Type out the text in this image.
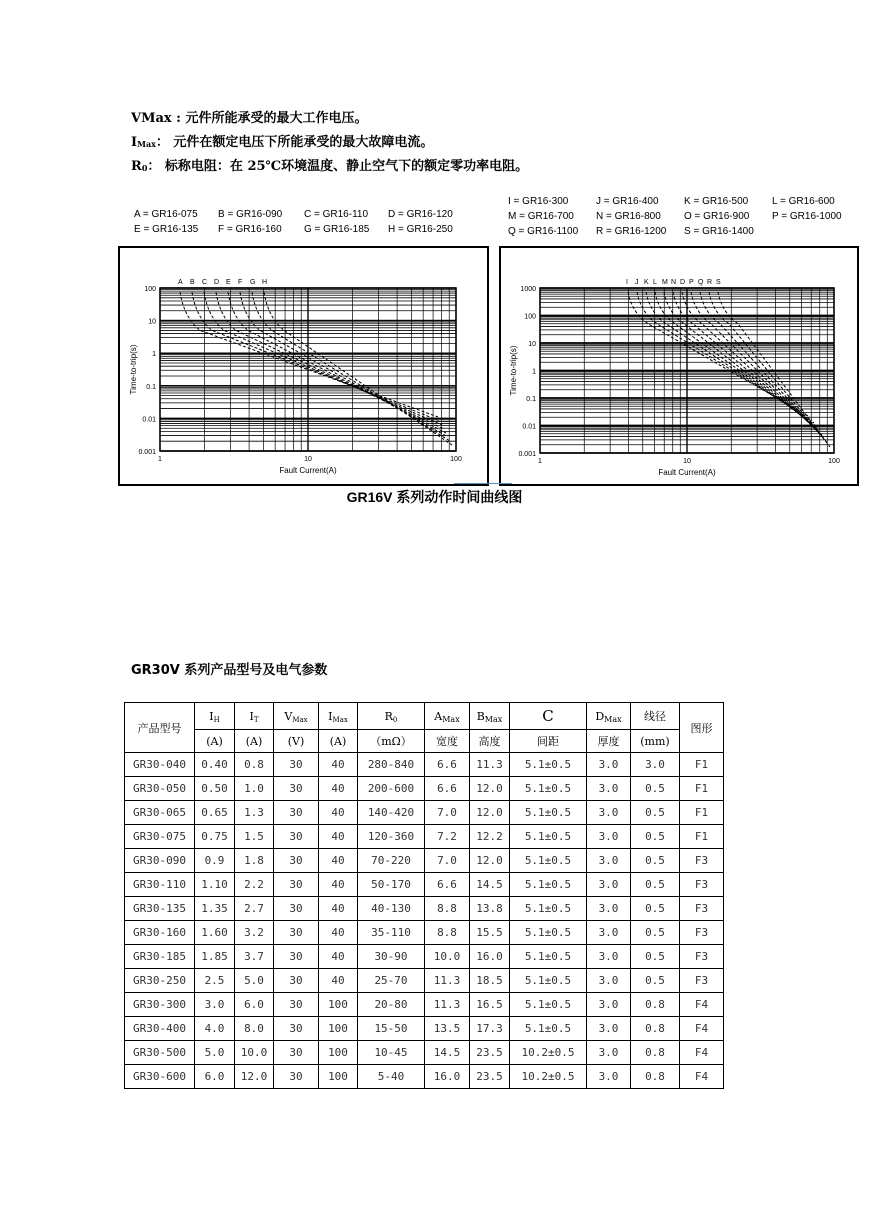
VMax : 元件所能承受的最大工作电压。
$I_{Max}$： 元件在额定电压下所能承受的最大故障电流。
$R_0$： 标称电阻：在 25℃环境温度、静止空气下的额定零功率电阻。
A = GR16-075 B = GR16-090 C = GR16-110 D = GR16-120
E = GR16-135 F = GR16-160 G = GR16-185 H = GR16-250
I = GR16-300	J = GR16-400	K = GR16-500 L = GR16-600
M = GR16-700 N = GR16-800 O = GR16-900 P = GR16-1000
Q = GR16-1100 R = GR16-1200 S = GR16-1400
100
10
1
0.1
0.01
0.001
1	10	100
Fault Current(A)
Time-to-trip(s)
A B C D E F G H
1000
100
10
1
0.1
0.01
0.001
1	10	100
Fault Current(A)
Time-to-trip(s)
I J K L M N D P Q R S
GR16V 系列动作时间曲线图
GR30V 系列产品型号及电气参数
产品型号	$I_H$	$I_T$	$V_{Max}$	$I_{Max}$	$R_0$	$A_{Max}$	$B_{Max}$	C	$D_{Max}$	线径	图形
	(A)	(A)	(V)	(A)	（mΩ）	宽度	高度	间距	厚度	(mm)	
GR30-040	0.40	0.8	30	40	280-840	6.6	11.3	5.1±0.5	3.0	3.0	F1
GR30-050	0.50	1.0	30	40	200-600	6.6	12.0	5.1±0.5	3.0	0.5	F1
GR30-065	0.65	1.3	30	40	140-420	7.0	12.0	5.1±0.5	3.0	0.5	F1
GR30-075	0.75	1.5	30	40	120-360	7.2	12.2	5.1±0.5	3.0	0.5	F1
GR30-090	0.9	1.8	30	40	70-220	7.0	12.0	5.1±0.5	3.0	0.5	F3
GR30-110	1.10	2.2	30	40	50-170	6.6	14.5	5.1±0.5	3.0	0.5	F3
GR30-135	1.35	2.7	30	40	40-130	8.8	13.8	5.1±0.5	3.0	0.5	F3
GR30-160	1.60	3.2	30	40	35-110	8.8	15.5	5.1±0.5	3.0	0.5	F3
GR30-185	1.85	3.7	30	40	30-90	10.0	16.0	5.1±0.5	3.0	0.5	F3
GR30-250	2.5	5.0	30	40	25-70	11.3	18.5	5.1±0.5	3.0	0.5	F3
GR30-300	3.0	6.0	30	100	20-80	11.3	16.5	5.1±0.5	3.0	0.8	F4
GR30-400	4.0	8.0	30	100	15-50	13.5	17.3	5.1±0.5	3.0	0.8	F4
GR30-500	5.0	10.0	30	100	10-45	14.5	23.5	10.2±0.5	3.0	0.8	F4
GR30-600	6.0	12.0	30	100	5-40	16.0	23.5	10.2±0.5	3.0	0.8	F4
